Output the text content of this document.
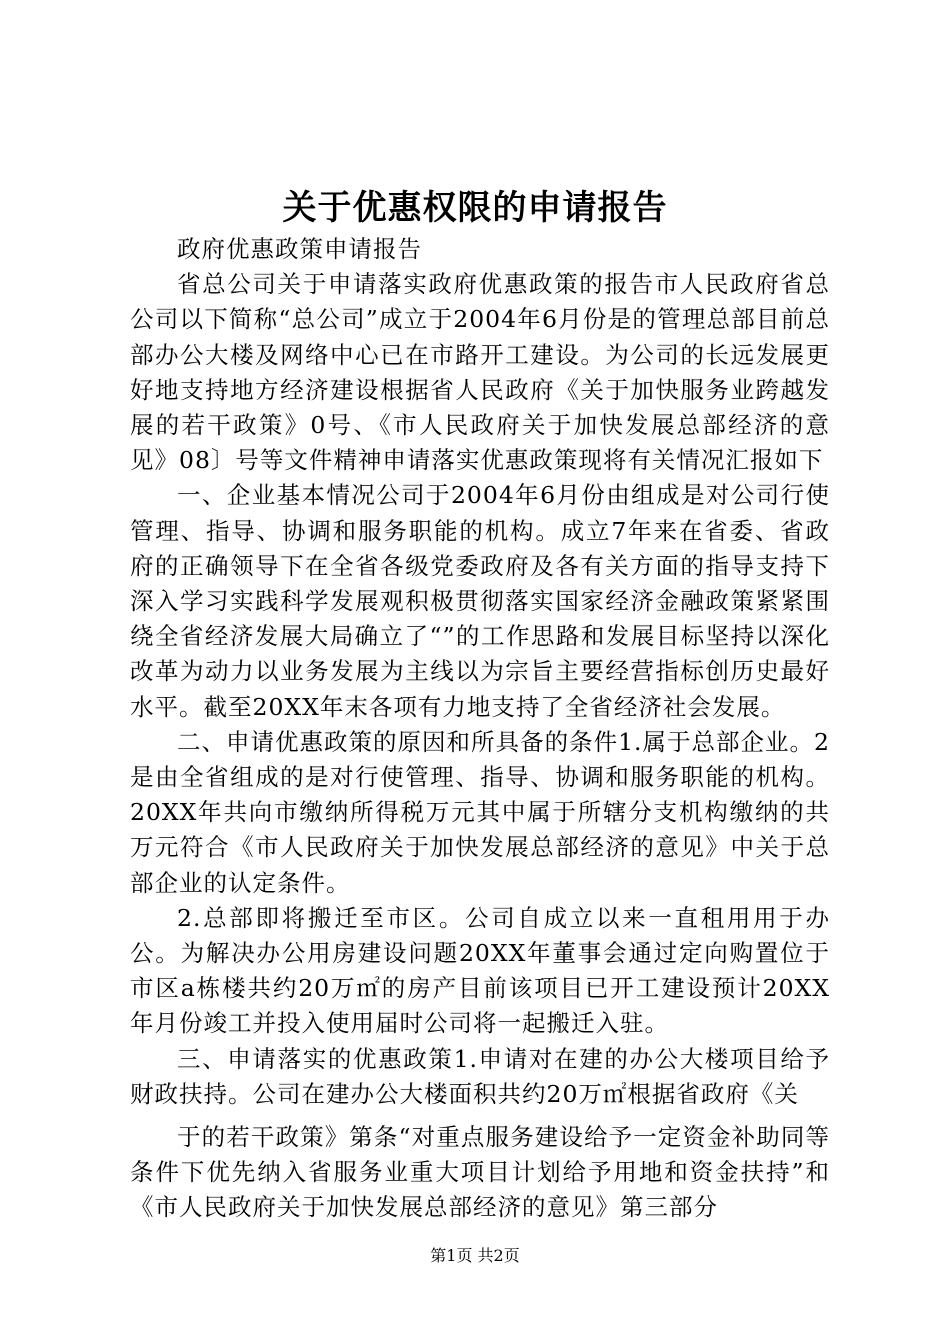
关于优惠权限的申请报告

政府优惠政策申请报告

省总公司关于申请落实政府优惠政策的报告市人民政府省总公司以下简称“总公司”成立于2004年6月份是的管理总部目前总部办公大楼及网络中心已在市路开工建设。为公司的长远发展更好地支持地方经济建设根据省人民政府《关于加快服务业跨越发展的若干政策》0号、《市人民政府关于加快发展总部经济的意见》08〕号等文件精神申请落实优惠政策现将有关情况汇报如下

一、企业基本情况公司于2004年6月份由组成是对公司行使管理、指导、协调和服务职能的机构。成立7年来在省委、省政府的正确领导下在全省各级党委政府及各有关方面的指导支持下深入学习实践科学发展观积极贯彻落实国家经济金融政策紧紧围绕全省经济发展大局确立了“”的工作思路和发展目标坚持以深化改革为动力以业务发展为主线以为宗旨主要经营指标创历史最好水平。截至20XX年末各项有力地支持了全省经济社会发展。

二、申请优惠政策的原因和所具备的条件1.属于总部企业。2是由全省组成的是对行使管理、指导、协调和服务职能的机构。20XX年共向市缴纳所得税万元其中属于所辖分支机构缴纳的共万元符合《市人民政府关于加快发展总部经济的意见》中关于总部企业的认定条件。

2.总部即将搬迁至市区。公司自成立以来一直租用用于办公。为解决办公用房建设问题20XX年董事会通过定向购置位于市区a栋楼共约20万㎡的房产目前该项目已开工建设预计20XX年月份竣工并投入使用届时公司将一起搬迁入驻。

三、申请落实的优惠政策1.申请对在建的办公大楼项目给予财政扶持。公司在建办公大楼面积共约20万㎡根据省政府《关

于的若干政策》第条“对重点服务建设给予一定资金补助同等条件下优先纳入省服务业重大项目计划给予用地和资金扶持”和《市人民政府关于加快发展总部经济的意见》第三部分

第1页 共2页
